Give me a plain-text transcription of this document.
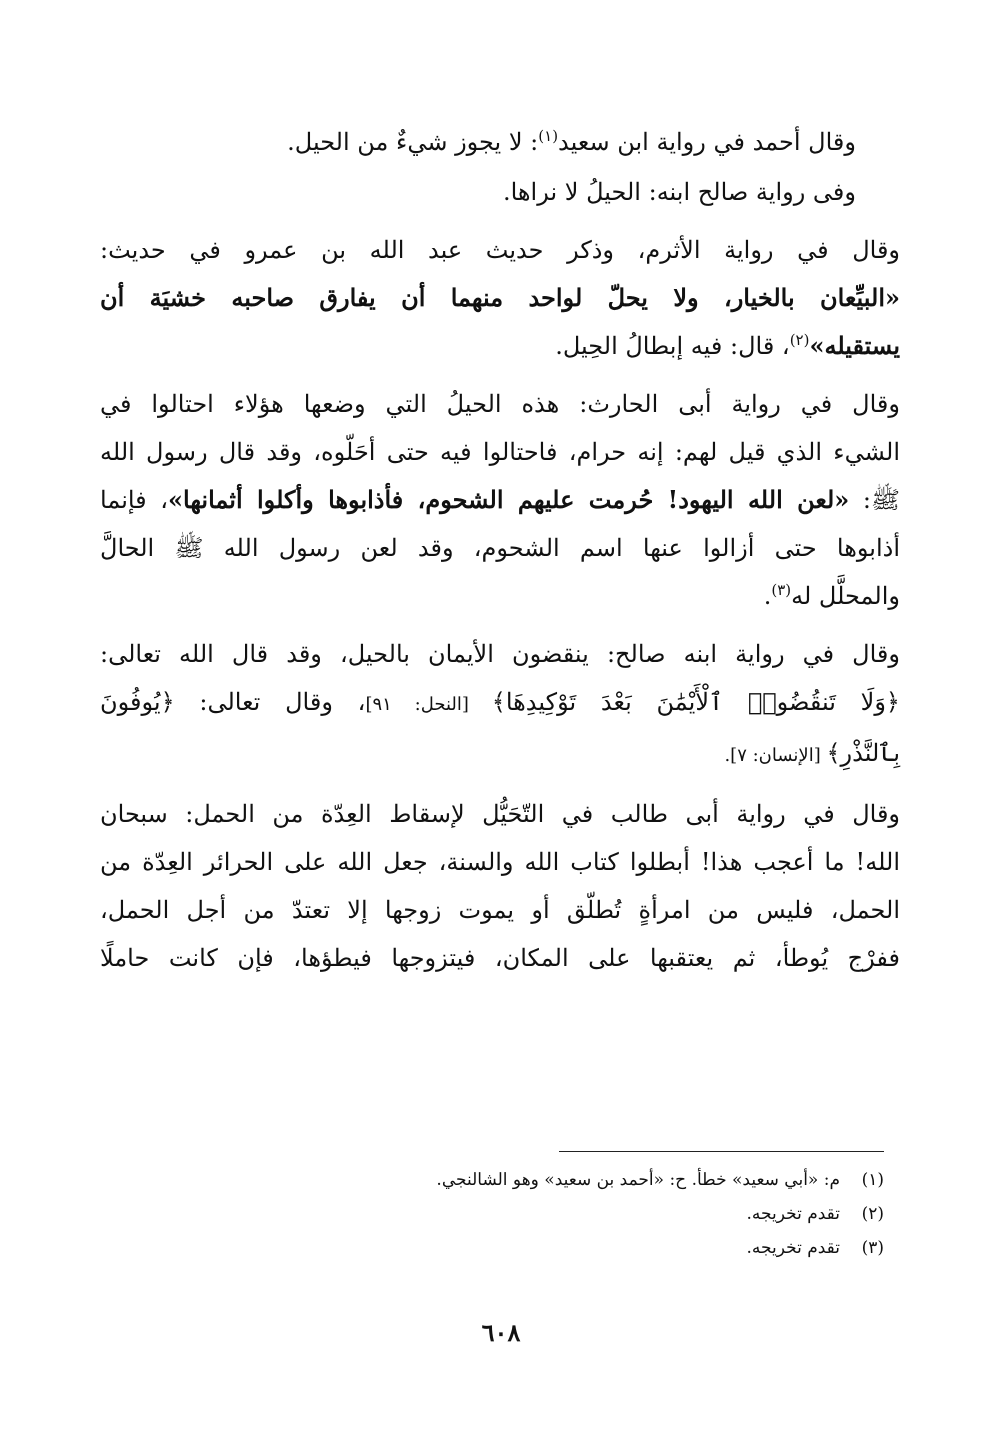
وقال أحمد في رواية ابن سعيد$^{(١)}$: لا يجوز شيءٌ من الحيل.

وفى رواية صالح ابنه: الحيلُ لا نراها.

وقال في رواية الأثرم، وذكر حديث عبد الله بن عمرو في حديث:
«البيِّعان بالخيار، ولا يحلّ لواحد منهما أن يفارق صاحبه خشيَة أن
يستقيله»$^{(٢)}$، قال: فيه إبطالُ الحِيل.
وقال في رواية أبى الحارث: هذه الحيلُ التي وضعها هؤلاء احتالوا في
الشيء الذي قيل لهم: إنه حرام، فاحتالوا فيه حتى أحَلّوه، وقد قال رسول الله
ﷺ: «لعن الله اليهود! حُرمت عليهم الشحوم، فأذابوها وأكلوا أثمانها»، فإنما
أذابوها حتى أزالوا عنها اسم الشحوم، وقد لعن رسول الله ﷺ الحالَّ
والمحلَّل له$^{(٣)}$.
وقال في رواية ابنه صالح: ينقضون الأيمان بالحيل، وقد قال الله تعالى:
﴿وَلَا تَنقُضُوا۟ ٱلْأَيْمَٰنَ بَعْدَ تَوْكِيدِهَا﴾ [النحل: ٩١]، وقال تعالى: ﴿يُوفُونَ
بِٱلنَّذْرِ﴾ [الإنسان: ٧].
وقال في رواية أبى طالب في التّحَيُّل لإسقاط العِدّة من الحمل: سبحان
الله! ما أعجب هذا! أبطلوا كتاب الله والسنة، جعل الله على الحرائر العِدّة من
الحمل، فليس من امرأةٍ تُطلّق أو يموت زوجها إلا تعتدّ من أجل الحمل،
ففرْج يُوطأ، ثم يعتقبها على المكان، فيتزوجها فيطؤها، فإن كانت حاملًا
(١)م: «أبي سعيد» خطأ. ح: «أحمد بن سعيد» وهو الشالنجي.
(٢)تقدم تخريجه.
(٣)تقدم تخريجه.
٦٠٨
